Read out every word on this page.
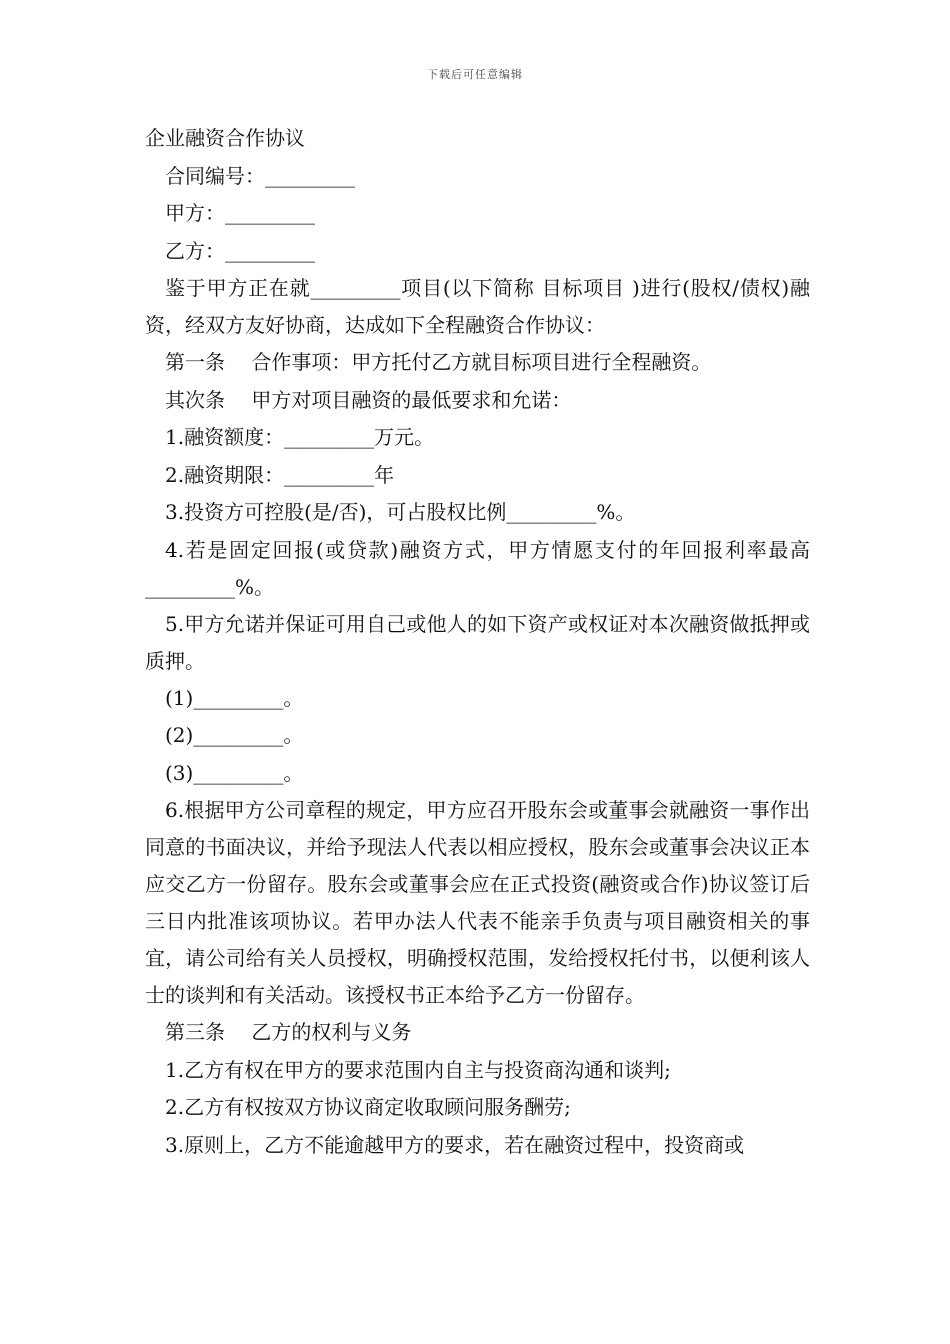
下载后可任意编辑
企业融资合作协议
合同编号：_________
甲方：_________
乙方：_________
鉴于甲方正在就_________项目(以下简称 目标项目 )进行(股权/债权)融资，经双方友好协商，达成如下全程融资合作协议：
第一条　 合作事项：甲方托付乙方就目标项目进行全程融资。
其次条　 甲方对项目融资的最低要求和允诺：
1.融资额度：_________万元。
2.融资期限：_________年
3.投资方可控股(是/否)，可占股权比例_________%。
4.若是固定回报(或贷款)融资方式，甲方情愿支付的年回报利率最高_________%。
5.甲方允诺并保证可用自己或他人的如下资产或权证对本次融资做抵押或质押。
(1)_________。
(2)_________。
(3)_________。
6.根据甲方公司章程的规定，甲方应召开股东会或董事会就融资一事作出同意的书面决议，并给予现法人代表以相应授权，股东会或董事会决议正本应交乙方一份留存。股东会或董事会应在正式投资(融资或合作)协议签订后三日内批准该项协议。若甲办法人代表不能亲手负责与项目融资相关的事宜，请公司给有关人员授权，明确授权范围，发给授权托付书，以便利该人士的谈判和有关活动。该授权书正本给予乙方一份留存。
第三条　 乙方的权利与义务
1.乙方有权在甲方的要求范围内自主与投资商沟通和谈判;
2.乙方有权按双方协议商定收取顾问服务酬劳;
3.原则上，乙方不能逾越甲方的要求，若在融资过程中，投资商或
